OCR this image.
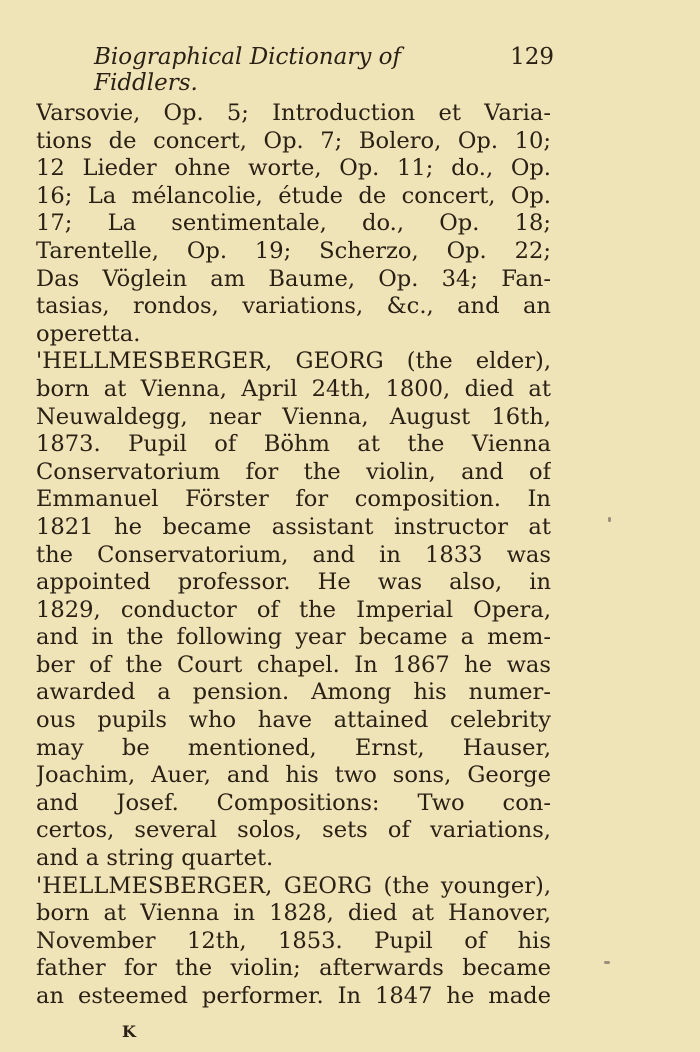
Biographical Dictionary of Fiddlers.
129
Varsovie, Op. 5; Introduction et Varia-
tions de concert, Op. 7; Bolero, Op. 10;
12 Lieder ohne worte, Op. 11; do., Op.
16; La mélancolie, étude de concert, Op.
17; La sentimentale, do., Op. 18;
Tarentelle, Op. 19; Scherzo, Op. 22;
Das Vöglein am Baume, Op. 34; Fan-
tasias, rondos, variations, &c., and an
operetta.
'HELLMESBERGER, GEORG (the elder),
born at Vienna, April 24th, 1800, died at
Neuwaldegg, near Vienna, August 16th,
1873. Pupil of Böhm at the Vienna
Conservatorium for the violin, and of
Emmanuel Förster for composition. In
1821 he became assistant instructor at
the Conservatorium, and in 1833 was
appointed professor. He was also, in
1829, conductor of the Imperial Opera,
and in the following year became a mem-
ber of the Court chapel. In 1867 he was
awarded a pension. Among his numer-
ous pupils who have attained celebrity
may be mentioned, Ernst, Hauser,
Joachim, Auer, and his two sons, George
and Josef. Compositions: Two con-
certos, several solos, sets of variations,
and a string quartet.
'HELLMESBERGER, GEORG (the younger),
born at Vienna in 1828, died at Hanover,
November 12th, 1853. Pupil of his
father for the violin; afterwards became
an esteemed performer. In 1847 he made
K
